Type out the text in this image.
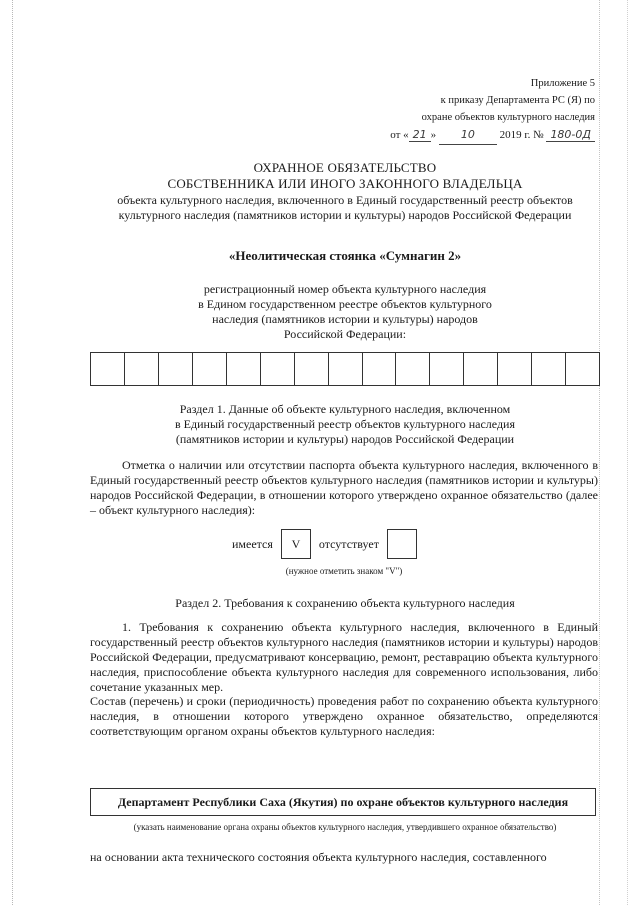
Приложение 5
к приказу Департамента РС (Я) по
охране объектов культурного наследия
от « 21 » 10 2019 г. № 180-0Д
ОХРАННОЕ ОБЯЗАТЕЛЬСТВО
СОБСТВЕННИКА ИЛИ ИНОГО ЗАКОННОГО ВЛАДЕЛЬЦА
объекта культурного наследия, включенного в Единый государственный реестр объектов
культурного наследия (памятников истории и культуры) народов Российской Федерации
«Неолитическая стоянка «Сумнагин 2»
регистрационный номер объекта культурного наследия
в Едином государственном реестре объектов культурного
наследия (памятников истории и культуры) народов
Российской Федерации:
Раздел 1. Данные об объекте культурного наследия, включенном
в Единый государственный реестр объектов культурного наследия
(памятников истории и культуры) народов Российской Федерации
Отметка о наличии или отсутствии паспорта объекта культурного наследия, включенного в Единый государственный реестр объектов культурного наследия (памятников истории и культуры) народов Российской Федерации, в отношении которого утверждено охранное обязательство (далее – объект культурного наследия):
имеется	V	отсутствует
(нужное отметить знаком "V")
Раздел 2. Требования к сохранению объекта культурного наследия
1. Требования к сохранению объекта культурного наследия, включенного в Единый государственный реестр объектов культурного наследия (памятников истории и культуры) народов Российской Федерации, предусматривают консервацию, ремонт, реставрацию объекта культурного наследия, приспособление объекта культурного наследия для современного использования, либо сочетание указанных мер.
Состав (перечень) и сроки (периодичность) проведения работ по сохранению объекта культурного наследия, в отношении которого утверждено охранное обязательство, определяются соответствующим органом охраны объектов культурного наследия:
Департамент Республики Саха (Якутия) по охране объектов культурного наследия
(указать наименование органа охраны объектов культурного наследия, утвердившего охранное обязательство)
на основании акта технического состояния объекта культурного наследия, составленного
